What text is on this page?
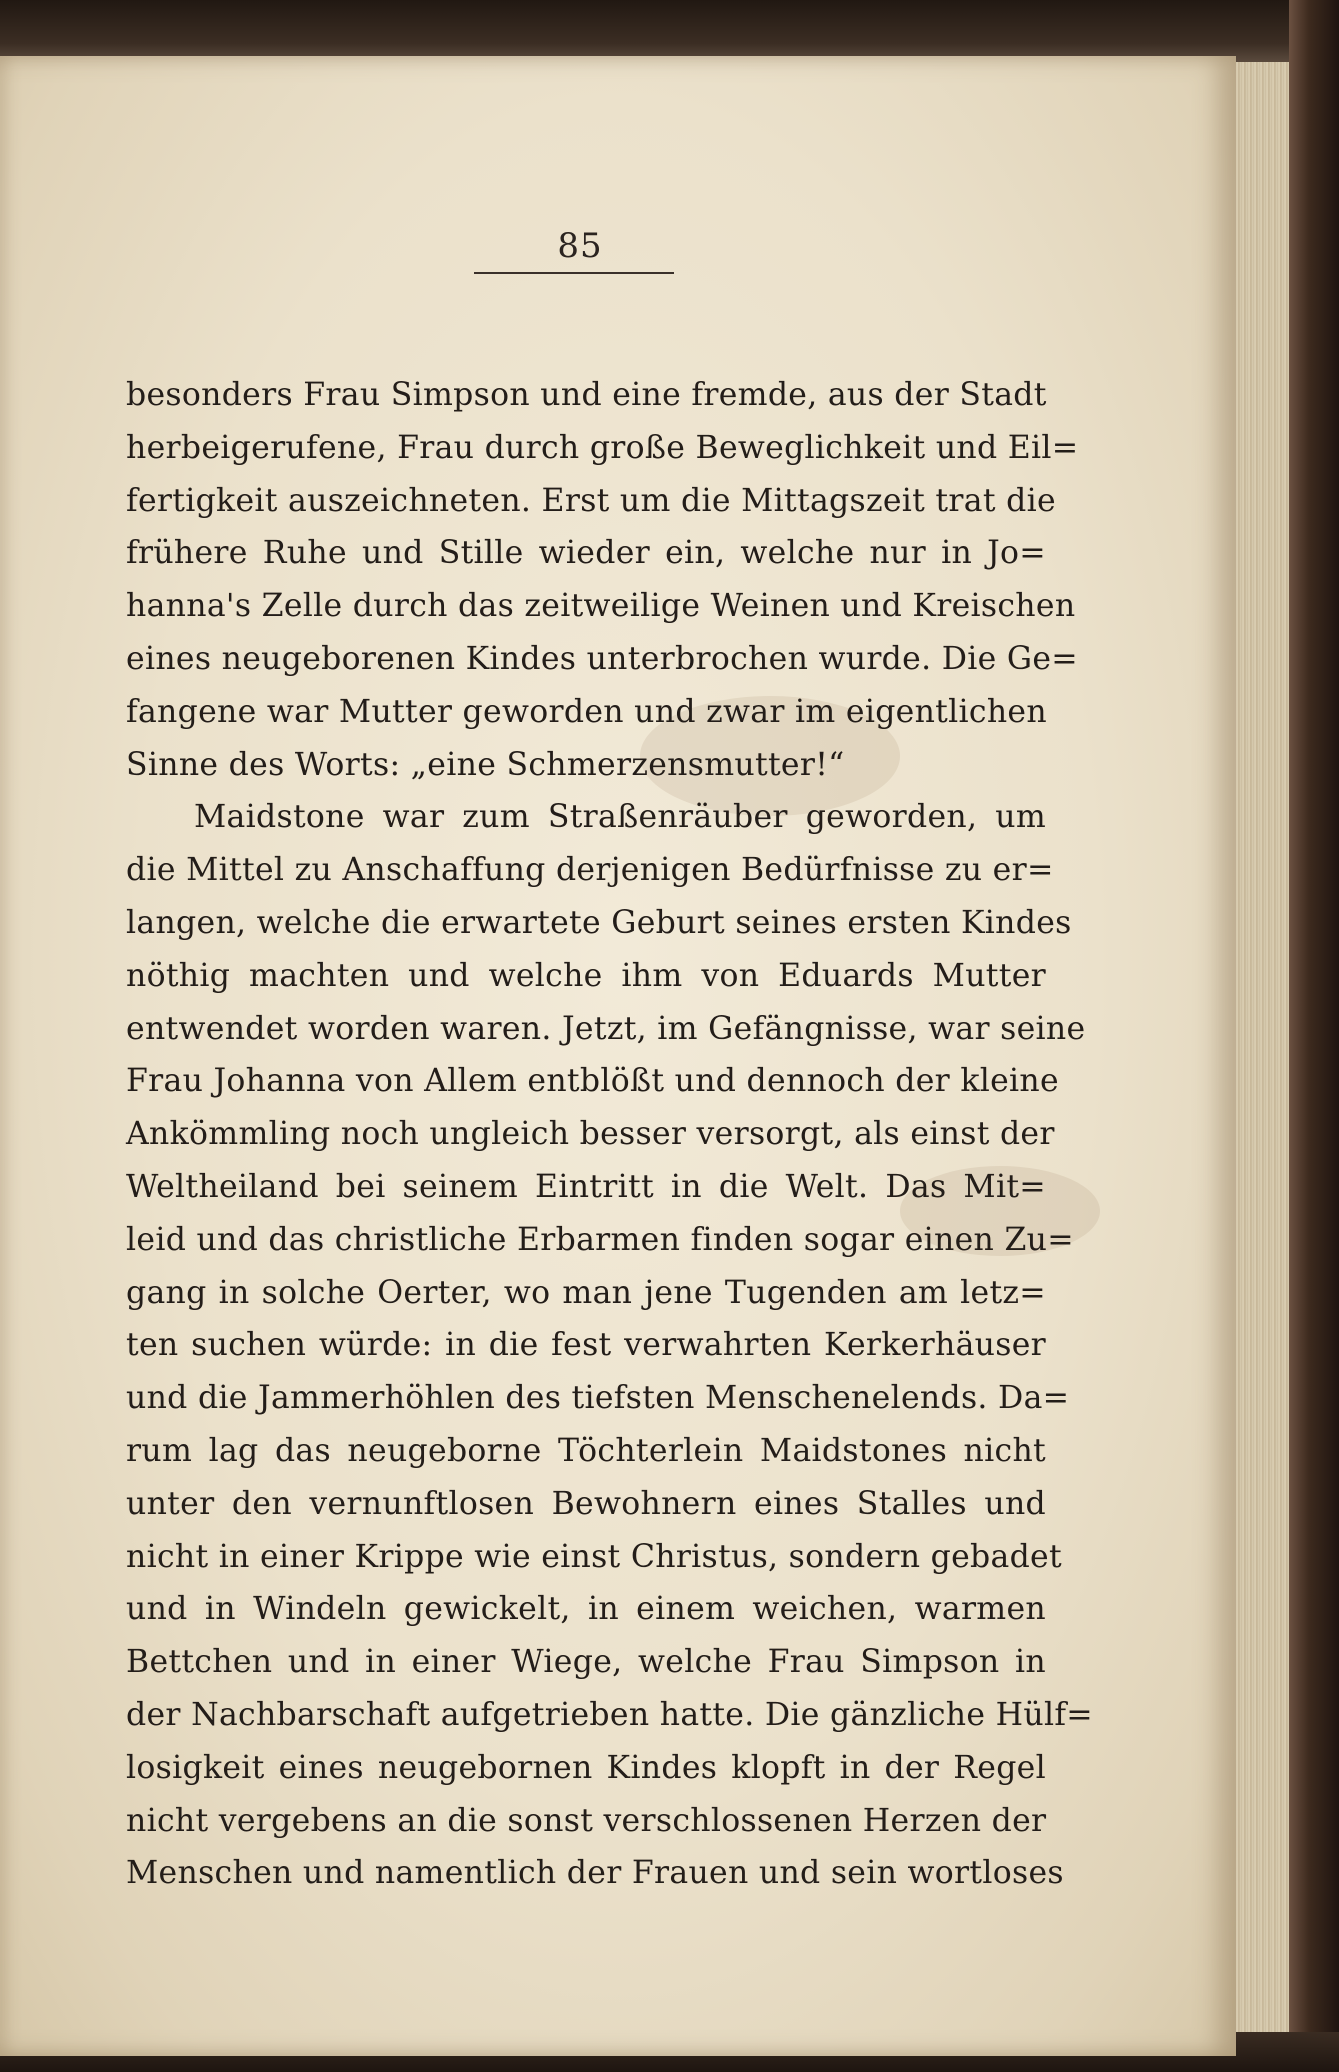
85
besonders Frau Simpson und eine fremde, aus der Stadt
herbeigerufene, Frau durch große Beweglichkeit und Eil=
fertigkeit auszeichneten. Erst um die Mittagszeit trat die
frühere Ruhe und Stille wieder ein, welche nur in Jo=
hanna's Zelle durch das zeitweilige Weinen und Kreischen
eines neugeborenen Kindes unterbrochen wurde. Die Ge=
fangene war Mutter geworden und zwar im eigentlichen
Sinne des Worts: „eine Schmerzensmutter!“
Maidstone war zum Straßenräuber geworden, um
die Mittel zu Anschaffung derjenigen Bedürfnisse zu er=
langen, welche die erwartete Geburt seines ersten Kindes
nöthig machten und welche ihm von Eduards Mutter
entwendet worden waren. Jetzt, im Gefängnisse, war seine
Frau Johanna von Allem entblößt und dennoch der kleine
Ankömmling noch ungleich besser versorgt, als einst der
Weltheiland bei seinem Eintritt in die Welt. Das Mit=
leid und das christliche Erbarmen finden sogar einen Zu=
gang in solche Oerter, wo man jene Tugenden am letz=
ten suchen würde: in die fest verwahrten Kerkerhäuser
und die Jammerhöhlen des tiefsten Menschenelends. Da=
rum lag das neugeborne Töchterlein Maidstones nicht
unter den vernunftlosen Bewohnern eines Stalles und
nicht in einer Krippe wie einst Christus, sondern gebadet
und in Windeln gewickelt, in einem weichen, warmen
Bettchen und in einer Wiege, welche Frau Simpson in
der Nachbarschaft aufgetrieben hatte. Die gänzliche Hülf=
losigkeit eines neugebornen Kindes klopft in der Regel
nicht vergebens an die sonst verschlossenen Herzen der
Menschen und namentlich der Frauen und sein wortloses
